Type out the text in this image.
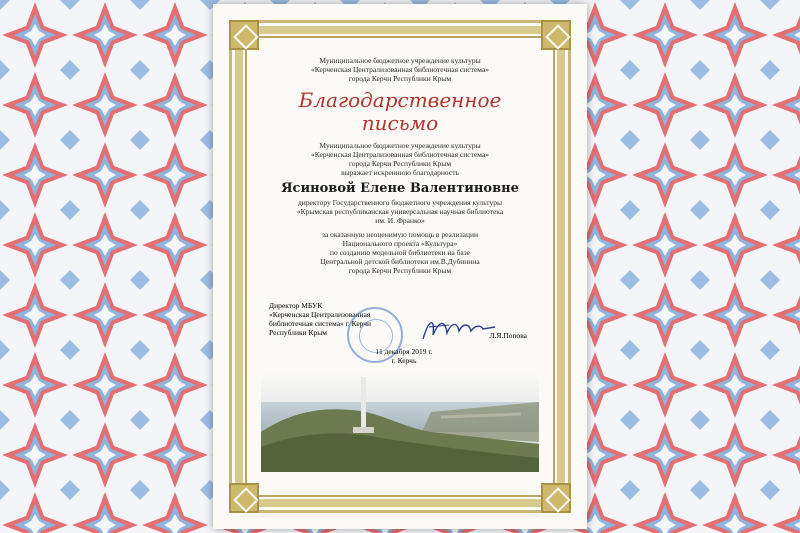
Муниципальное бюджетное учреждение культуры

«Керченская Централизованная библиотечная система»

города Керчи Республики Крым

Благодарственное
письмо

Муниципальное бюджетное учреждение культуры

«Керченская Централизованная библиотечная система»

города Керчи Республики Крым

выражает искреннюю благодарность

Ясиновой Елене Валентиновне

директору Государственного бюджетного учреждения культуры

«Крымская республиканская универсальная научная библиотека

им. И. Франко»

за оказанную неоценимую помощь в реализации

Национального проекта «Культура»

по созданию модельной библиотеки на базе

Центральной детской библиотеки им.В.Дубинина

города Керчи Республики Крым

Директор МБУК

«Керченская Централизованная

библиотечная система» г. Керчи

Республики Крым	Л.Я.Попова

11 декабря 2019 г.

г. Керчь
